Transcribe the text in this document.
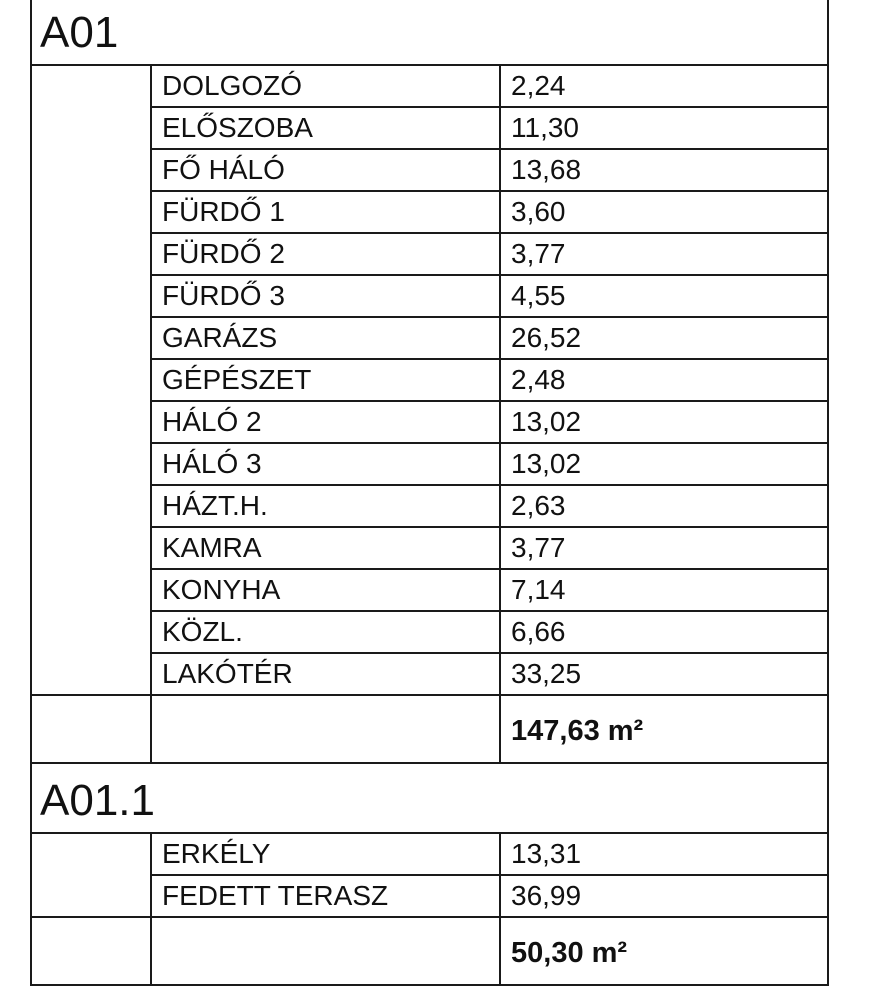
A01		
	DOLGOZÓ	2,24
	ELŐSZOBA	11,30
	FŐ HÁLÓ	13,68
	FÜRDŐ 1	3,60
	FÜRDŐ 2	3,77
	FÜRDŐ 3	4,55
	GARÁZS	26,52
	GÉPÉSZET	2,48
	HÁLÓ 2	13,02
	HÁLÓ 3	13,02
	HÁZT.H.	2,63
	KAMRA	3,77
	KONYHA	7,14
	KÖZL.	6,66
	LAKÓTÉR	33,25
		147,63 m²
A01.1		
	ERKÉLY	13,31
	FEDETT TERASZ	36,99
		50,30 m²
